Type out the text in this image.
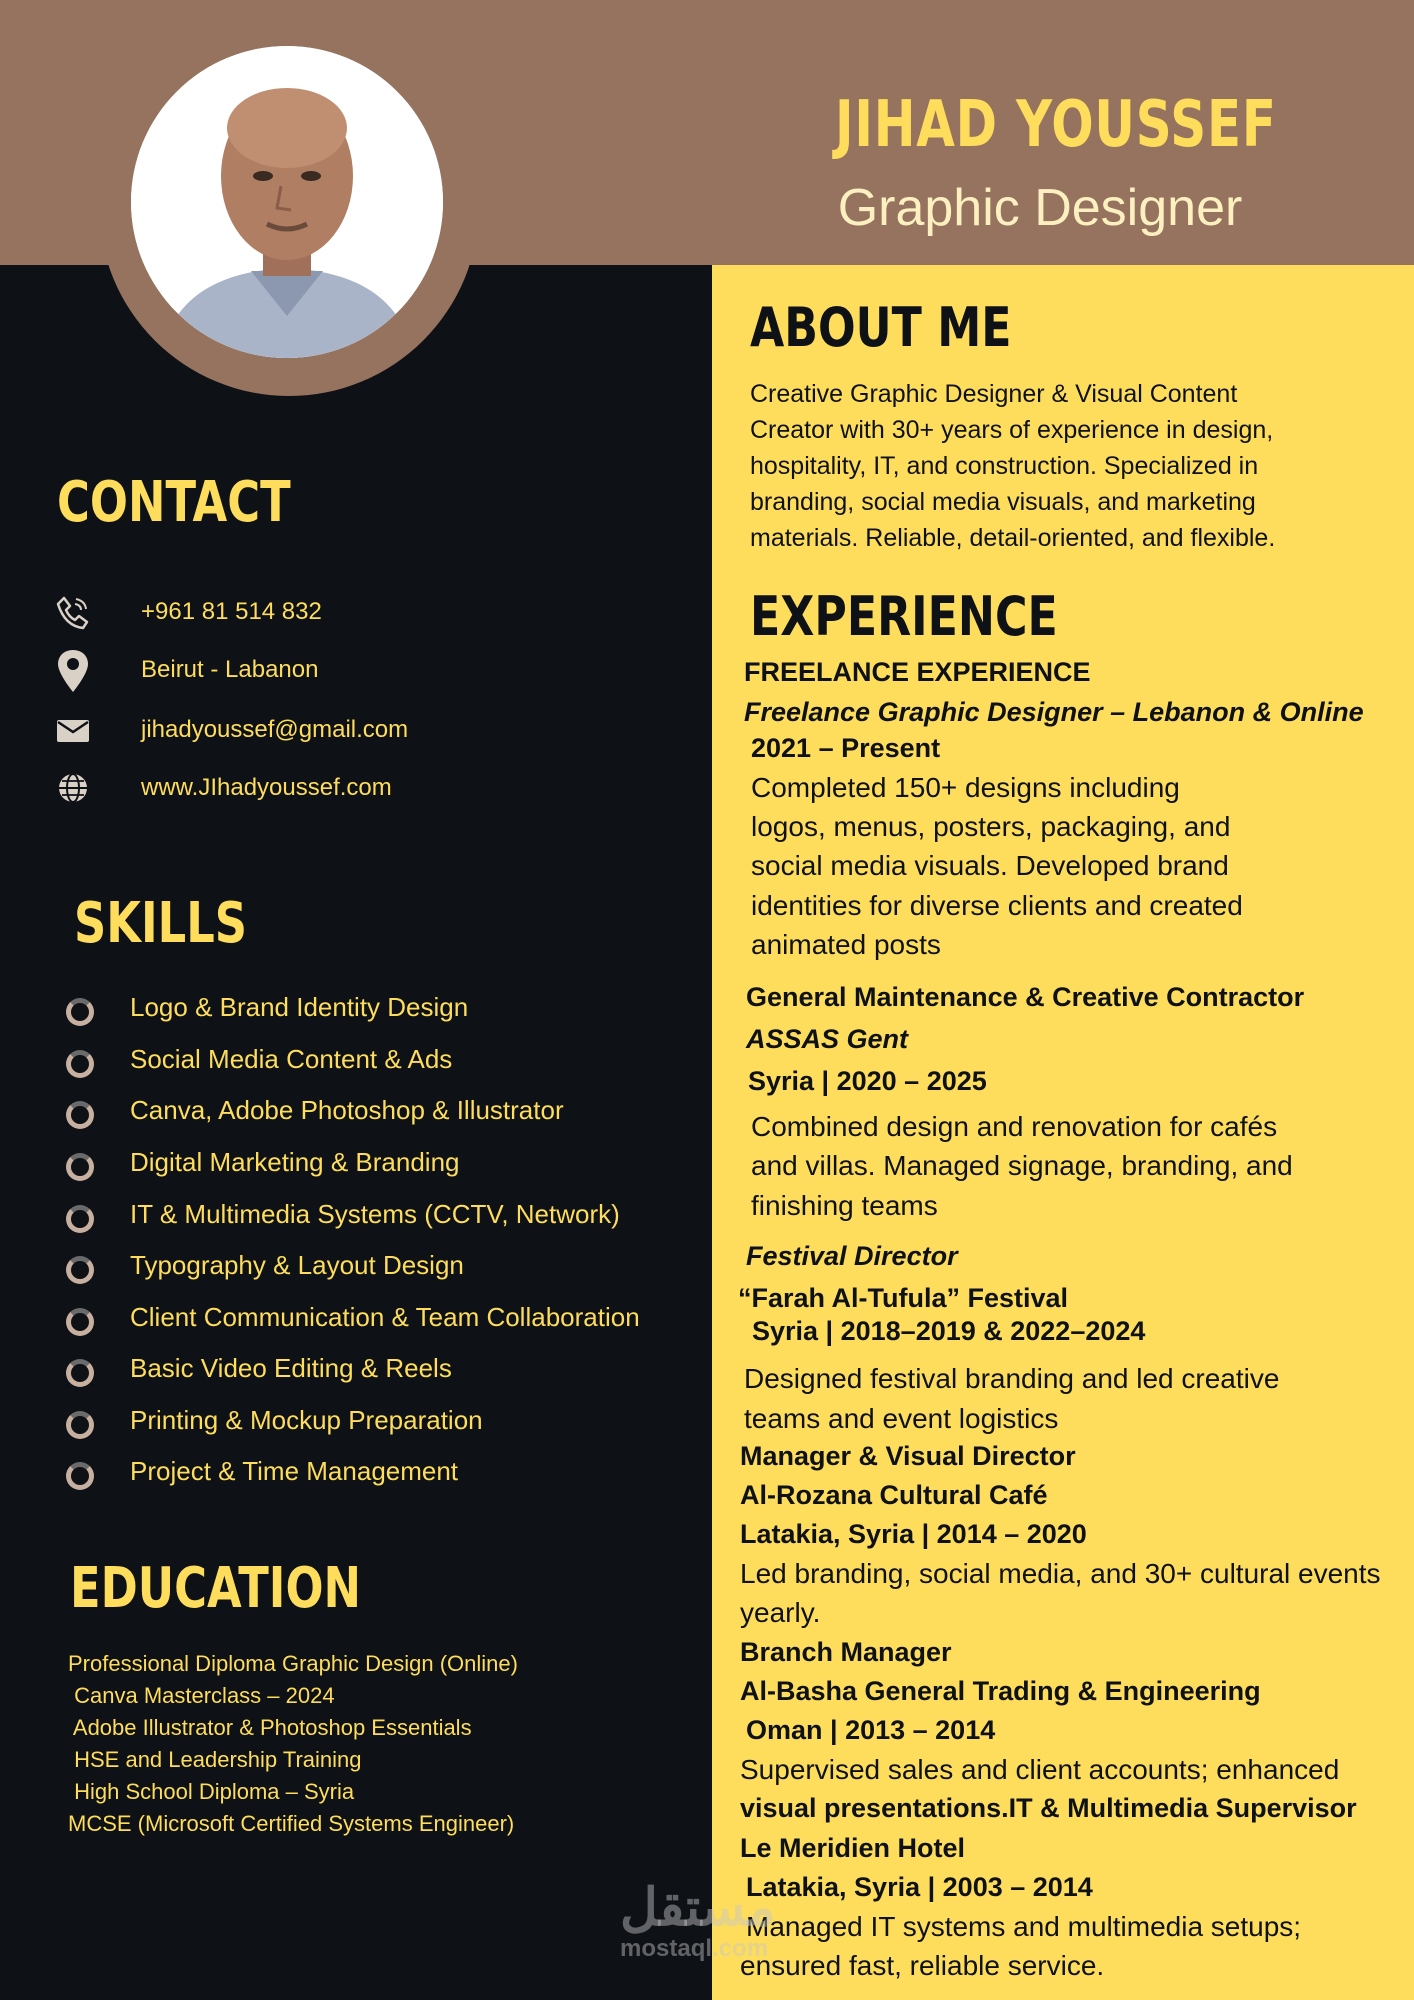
JIHAD YOUSSEF
Graphic Designer
CONTACT
+961 81 514 832
Beirut - Labanon
jihadyoussef@gmail.com
www.JIhadyoussef.com
SKILLS
Logo & Brand Identity Design
Social Media Content & Ads
Canva, Adobe Photoshop & Illustrator
Digital Marketing & Branding
IT & Multimedia Systems (CCTV, Network)
Typography & Layout Design
Client Communication & Team Collaboration
Basic Video Editing & Reels
Printing & Mockup Preparation
Project & Time Management
EDUCATION
Professional Diploma Graphic Design (Online)
Canva Masterclass – 2024
Adobe Illustrator & Photoshop Essentials
HSE and Leadership Training
High School Diploma – Syria
MCSE (Microsoft Certified Systems Engineer)
ABOUT ME
Creative Graphic Designer & Visual Content
Creator with 30+ years of experience in design,
hospitality, IT, and construction. Specialized in
branding, social media visuals, and marketing
materials. Reliable, detail-oriented, and flexible.
EXPERIENCE
FREELANCE EXPERIENCE
Freelance Graphic Designer – Lebanon & Online
2021 – Present
Completed 150+ designs including
logos, menus, posters, packaging, and
social media visuals. Developed brand
identities for diverse clients and created
animated posts
General Maintenance & Creative Contractor
ASSAS Gent
Syria | 2020 – 2025
Combined design and renovation for cafés
and villas. Managed signage, branding, and
finishing teams
Festival Director
“Farah Al-Tufula” Festival
Syria | 2018–2019 & 2022–2024
Designed festival branding and led creative
teams and event logistics
Manager & Visual Director
Al-Rozana Cultural Café
Latakia, Syria | 2014 – 2020
Led branding, social media, and 30+ cultural events
yearly.
Branch Manager
Al-Basha General Trading & Engineering
Oman | 2013 – 2014
Supervised sales and client accounts; enhanced
visual presentations.IT & Multimedia Supervisor
Le Meridien Hotel
Latakia, Syria | 2003 – 2014
Managed IT systems and multimedia setups;
ensured fast, reliable service.
مستقل
mostaql.com
